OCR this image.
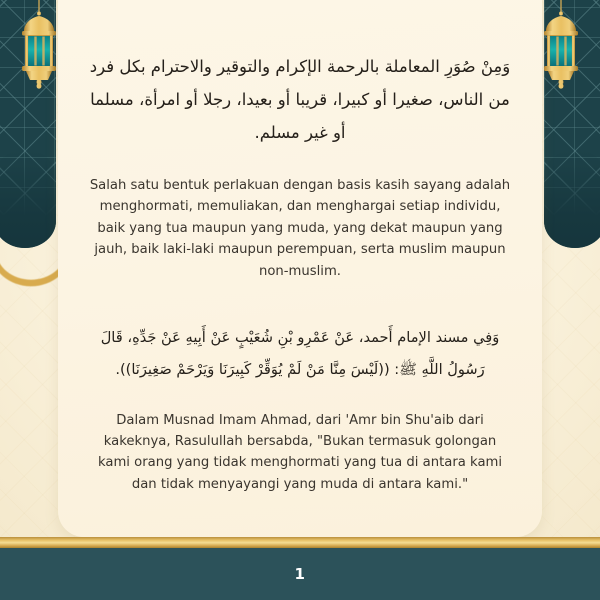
وَمِنْ صُوَرِ المعاملة بالرحمة الإكرام والتوقير والاحترام بكل فرد من الناس، صغيرا أو كبيرا، قريبا أو بعيدا، رجلا أو امرأة، مسلما أو غير مسلم.
Salah satu bentuk perlakuan dengan basis kasih sayang adalah menghormati, memuliakan, dan menghargai setiap individu, baik yang tua maupun yang muda, yang dekat maupun yang jauh, baik laki-laki maupun perempuan, serta muslim maupun non-muslim.
وَفِي مسند الإمام أَحمد، عَنْ عَمْرِو بْنِ شُعَيْبٍ عَنْ أَبِيهِ عَنْ جَدِّهِ، قَالَ رَسُولُ اللَّهِ ﷺ: ((لَيْسَ مِنَّا مَنْ لَمْ يُوَقِّرْ كَبِيرَنَا وَيَرْحَمْ صَغِيرَنَا)).
Dalam Musnad Imam Ahmad, dari 'Amr bin Shu'aib dari kakeknya, Rasulullah bersabda, "Bukan termasuk golongan kami orang yang tidak menghormati yang tua di antara kami dan tidak menyayangi yang muda di antara kami."
1
